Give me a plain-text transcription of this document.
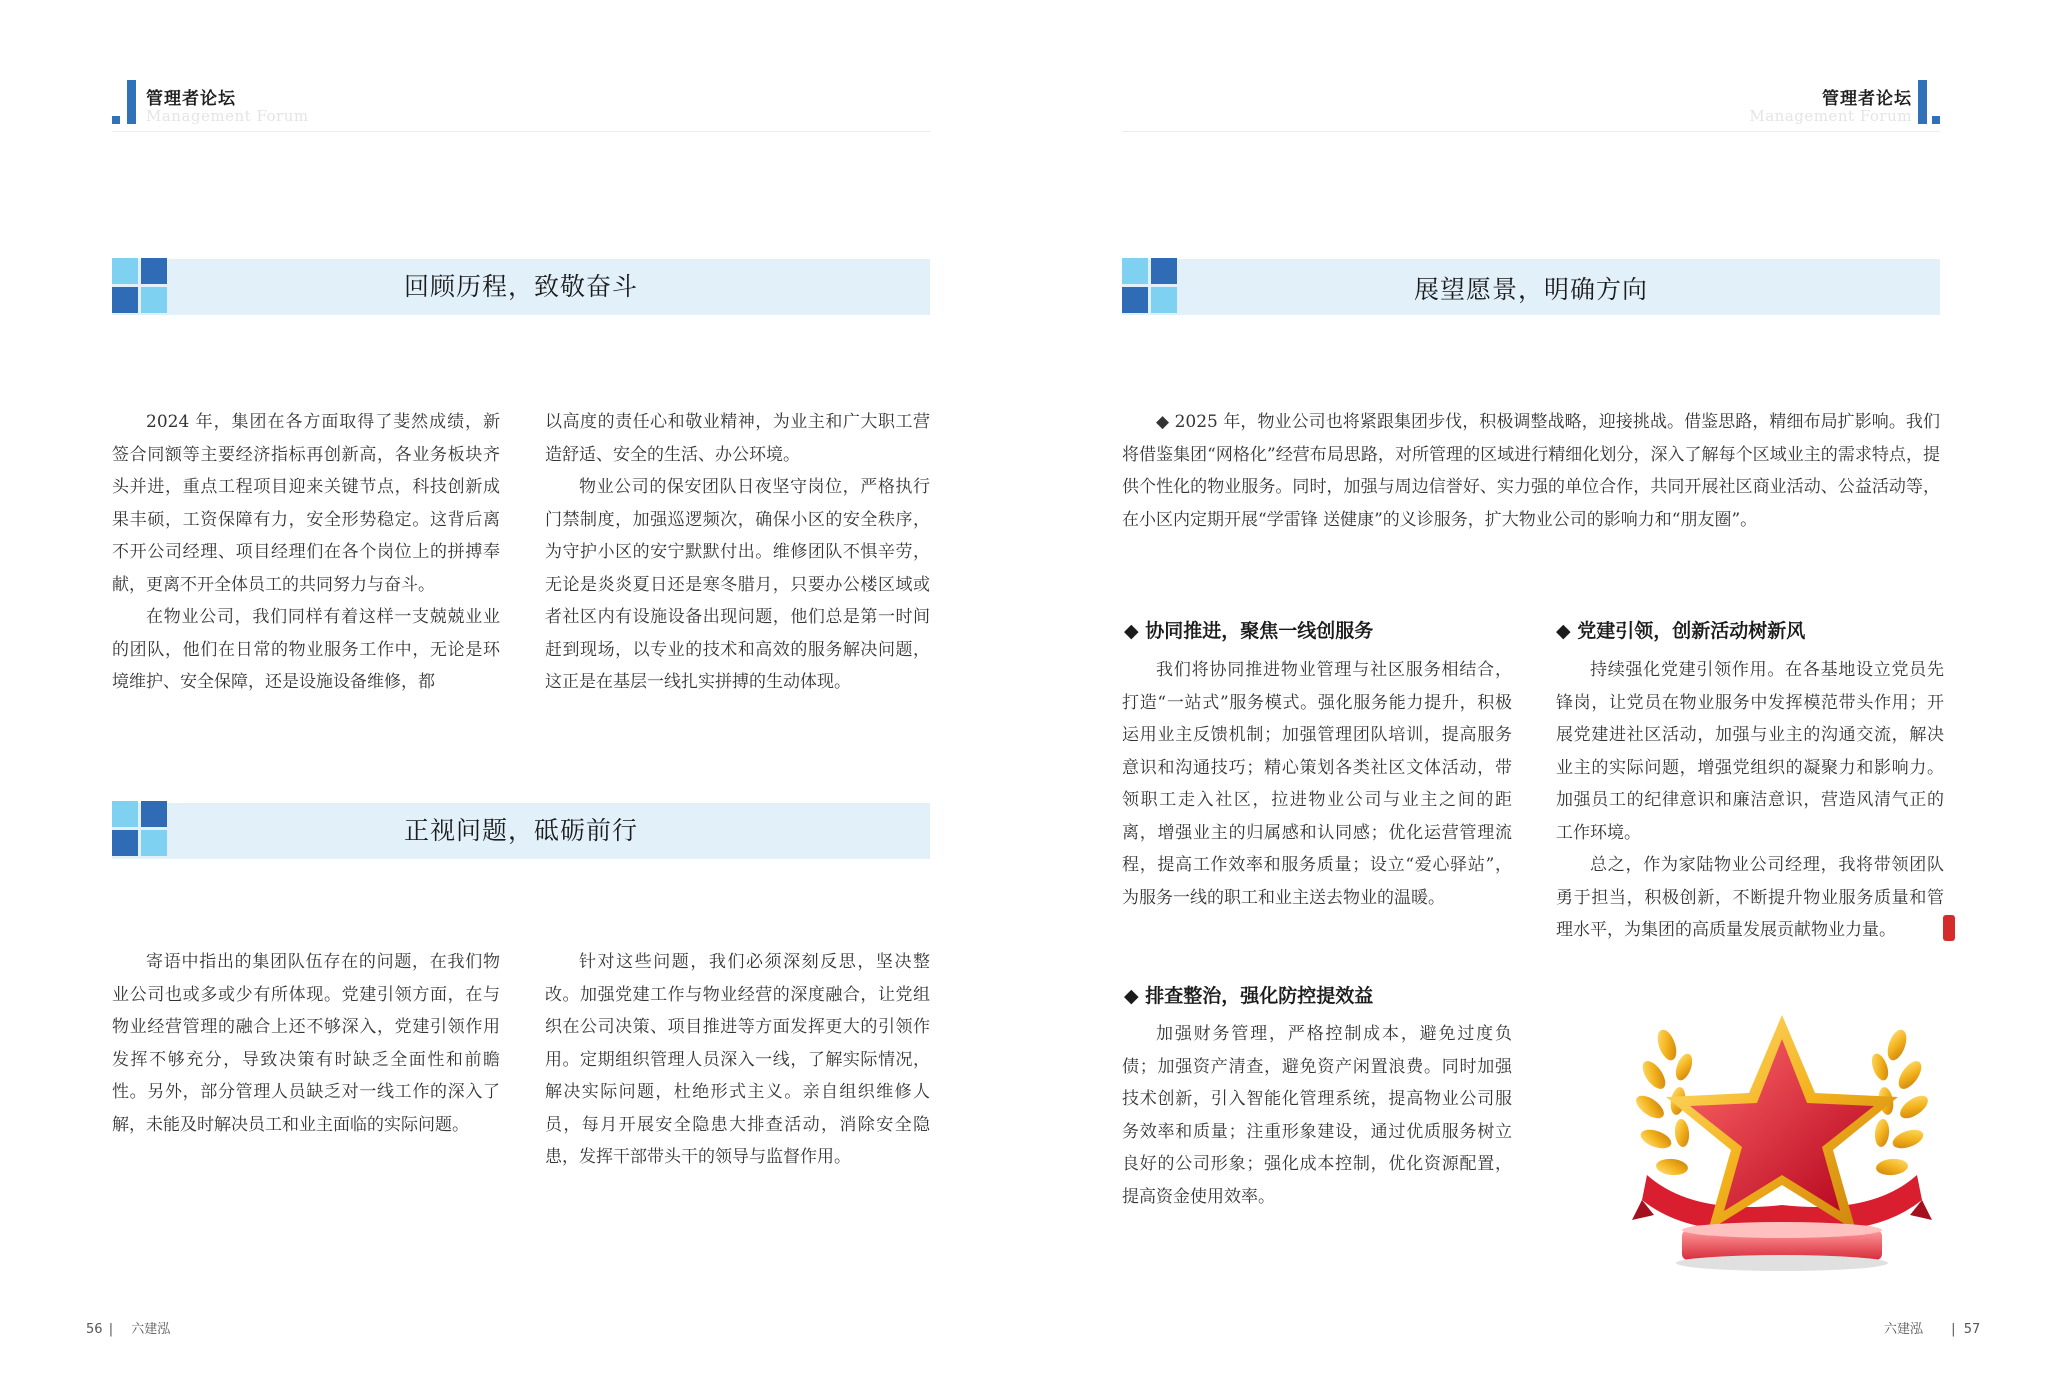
管理者论坛
Management Forum
回顾历程，致敬奋斗

2024 年，集团在各方面取得了斐然成绩，新签合同额等主要经济指标再创新高，各业务板块齐头并进，重点工程项目迎来关键节点，科技创新成果丰硕，工资保障有力，安全形势稳定。这背后离不开公司经理、项目经理们在各个岗位上的拼搏奉献，更离不开全体员工的共同努力与奋斗。

在物业公司，我们同样有着这样一支兢兢业业的团队，他们在日常的物业服务工作中，无论是环境维护、安全保障，还是设施设备维修，都

以高度的责任心和敬业精神，为业主和广大职工营造舒适、安全的生活、办公环境。

物业公司的保安团队日夜坚守岗位，严格执行门禁制度，加强巡逻频次，确保小区的安全秩序，为守护小区的安宁默默付出。维修团队不惧辛劳，无论是炎炎夏日还是寒冬腊月，只要办公楼区域或者社区内有设施设备出现问题，他们总是第一时间赶到现场，以专业的技术和高效的服务解决问题，这正是在基层一线扎实拼搏的生动体现。

正视问题，砥砺前行

寄语中指出的集团队伍存在的问题，在我们物业公司也或多或少有所体现。党建引领方面，在与物业经营管理的融合上还不够深入，党建引领作用发挥不够充分，导致决策有时缺乏全面性和前瞻性。另外，部分管理人员缺乏对一线工作的深入了解，未能及时解决员工和业主面临的实际问题。

针对这些问题，我们必须深刻反思，坚决整改。加强党建工作与物业经营的深度融合，让党组织在公司决策、项目推进等方面发挥更大的引领作用。定期组织管理人员深入一线，了解实际情况，解决实际问题，杜绝形式主义。亲自组织维修人员，每月开展安全隐患大排查活动，消除安全隐患，发挥干部带头干的领导与监督作用。

56 | 六建泓
管理者论坛
Management Forum
展望愿景，明确方向

◆ 2025 年，物业公司也将紧跟集团步伐，积极调整战略，迎接挑战。借鉴思路，精细布局扩影响。我们将借鉴集团“网格化”经营布局思路，对所管理的区域进行精细化划分，深入了解每个区域业主的需求特点，提供个性化的物业服务。同时，加强与周边信誉好、实力强的单位合作，共同开展社区商业活动、公益活动等，在小区内定期开展“学雷锋 送健康”的义诊服务，扩大物业公司的影响力和“朋友圈”。

◆ 协同推进，聚焦一线创服务

我们将协同推进物业管理与社区服务相结合，打造“一站式”服务模式。强化服务能力提升，积极运用业主反馈机制；加强管理团队培训，提高服务意识和沟通技巧；精心策划各类社区文体活动，带领职工走入社区，拉进物业公司与业主之间的距离，增强业主的归属感和认同感；优化运营管理流程，提高工作效率和服务质量；设立“爱心驿站”，为服务一线的职工和业主送去物业的温暖。

◆ 排查整治，强化防控提效益

加强财务管理，严格控制成本，避免过度负债；加强资产清查，避免资产闲置浪费。同时加强技术创新，引入智能化管理系统，提高物业公司服务效率和质量；注重形象建设，通过优质服务树立良好的公司形象；强化成本控制，优化资源配置，提高资金使用效率。

◆ 党建引领，创新活动树新风

持续强化党建引领作用。在各基地设立党员先锋岗，让党员在物业服务中发挥模范带头作用；开展党建进社区活动，加强与业主的沟通交流，解决业主的实际问题，增强党组织的凝聚力和影响力。加强员工的纪律意识和廉洁意识，营造风清气正的工作环境。

总之，作为家陆物业公司经理，我将带领团队勇于担当，积极创新，不断提升物业服务质量和管理水平，为集团的高质量发展贡献物业力量。

六建泓 | 57
